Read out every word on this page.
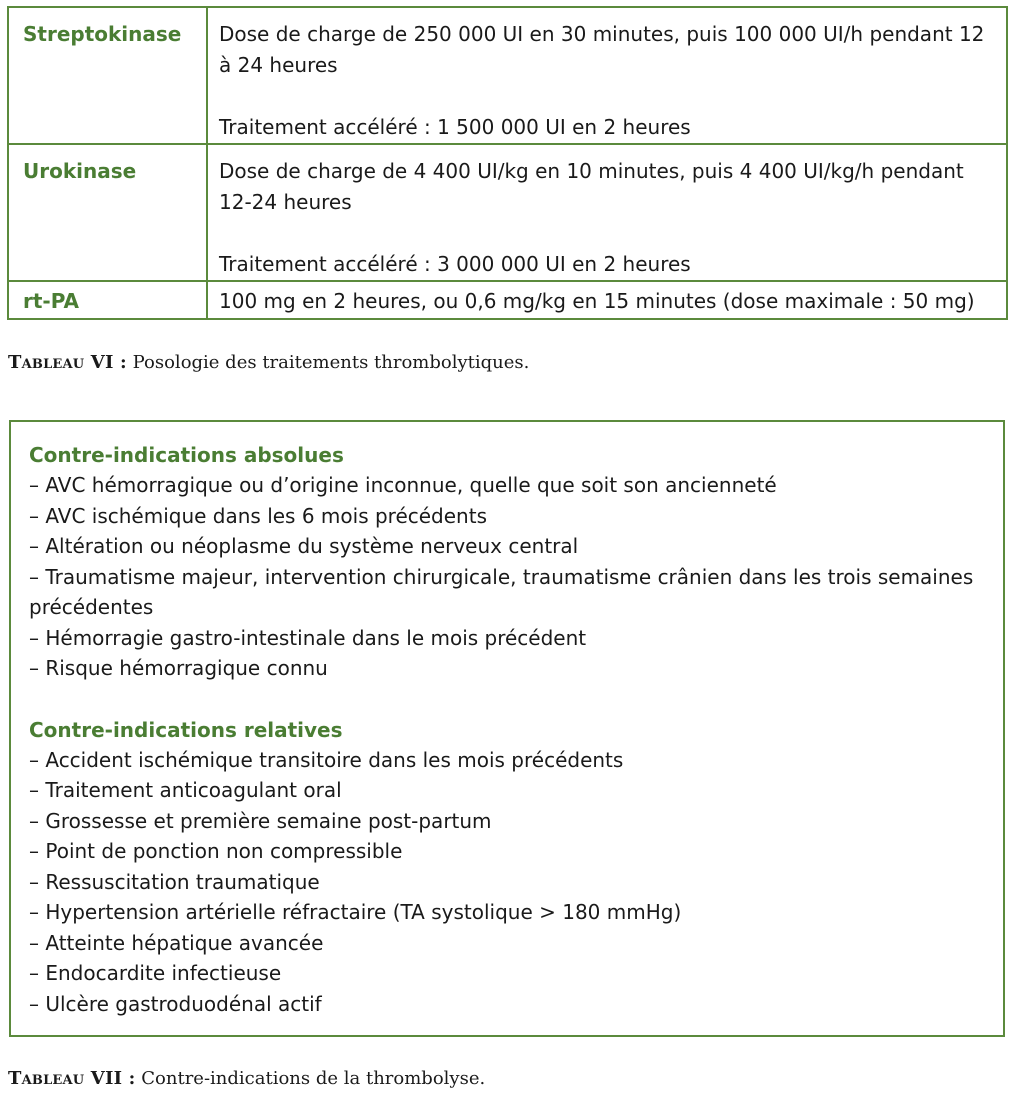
Streptokinase	Dose de charge de 250 000 UI en 30 minutes, puis 100 000 UI/h pendant 12 à 24 heures
Traitement accéléré : 1 500 000 UI en 2 heures

Urokinase	Dose de charge de 4 400 UI/kg en 10 minutes, puis 4 400 UI/kg/h pendant 12-24 heures
Traitement accéléré : 3 000 000 UI en 2 heures

rt-PA	100 mg en 2 heures, ou 0,6 mg/kg en 15 minutes (dose maximale : 50 mg)
Tableau VI : Posologie des traitements thrombolytiques.
Contre-indications absolues
– AVC hémorragique ou d’origine inconnue, quelle que soit son ancienneté
– AVC ischémique dans les 6 mois précédents
– Altération ou néoplasme du système nerveux central
– Traumatisme majeur, intervention chirurgicale, traumatisme crânien dans les trois semaines précédentes
– Hémorragie gastro-intestinale dans le mois précédent
– Risque hémorragique connu
Contre-indications relatives
– Accident ischémique transitoire dans les mois précédents
– Traitement anticoagulant oral
– Grossesse et première semaine post-partum
– Point de ponction non compressible
– Ressuscitation traumatique
– Hypertension artérielle réfractaire (TA systolique > 180 mmHg)
– Atteinte hépatique avancée
– Endocardite infectieuse
– Ulcère gastroduodénal actif
Tableau VII : Contre-indications de la thrombolyse.
